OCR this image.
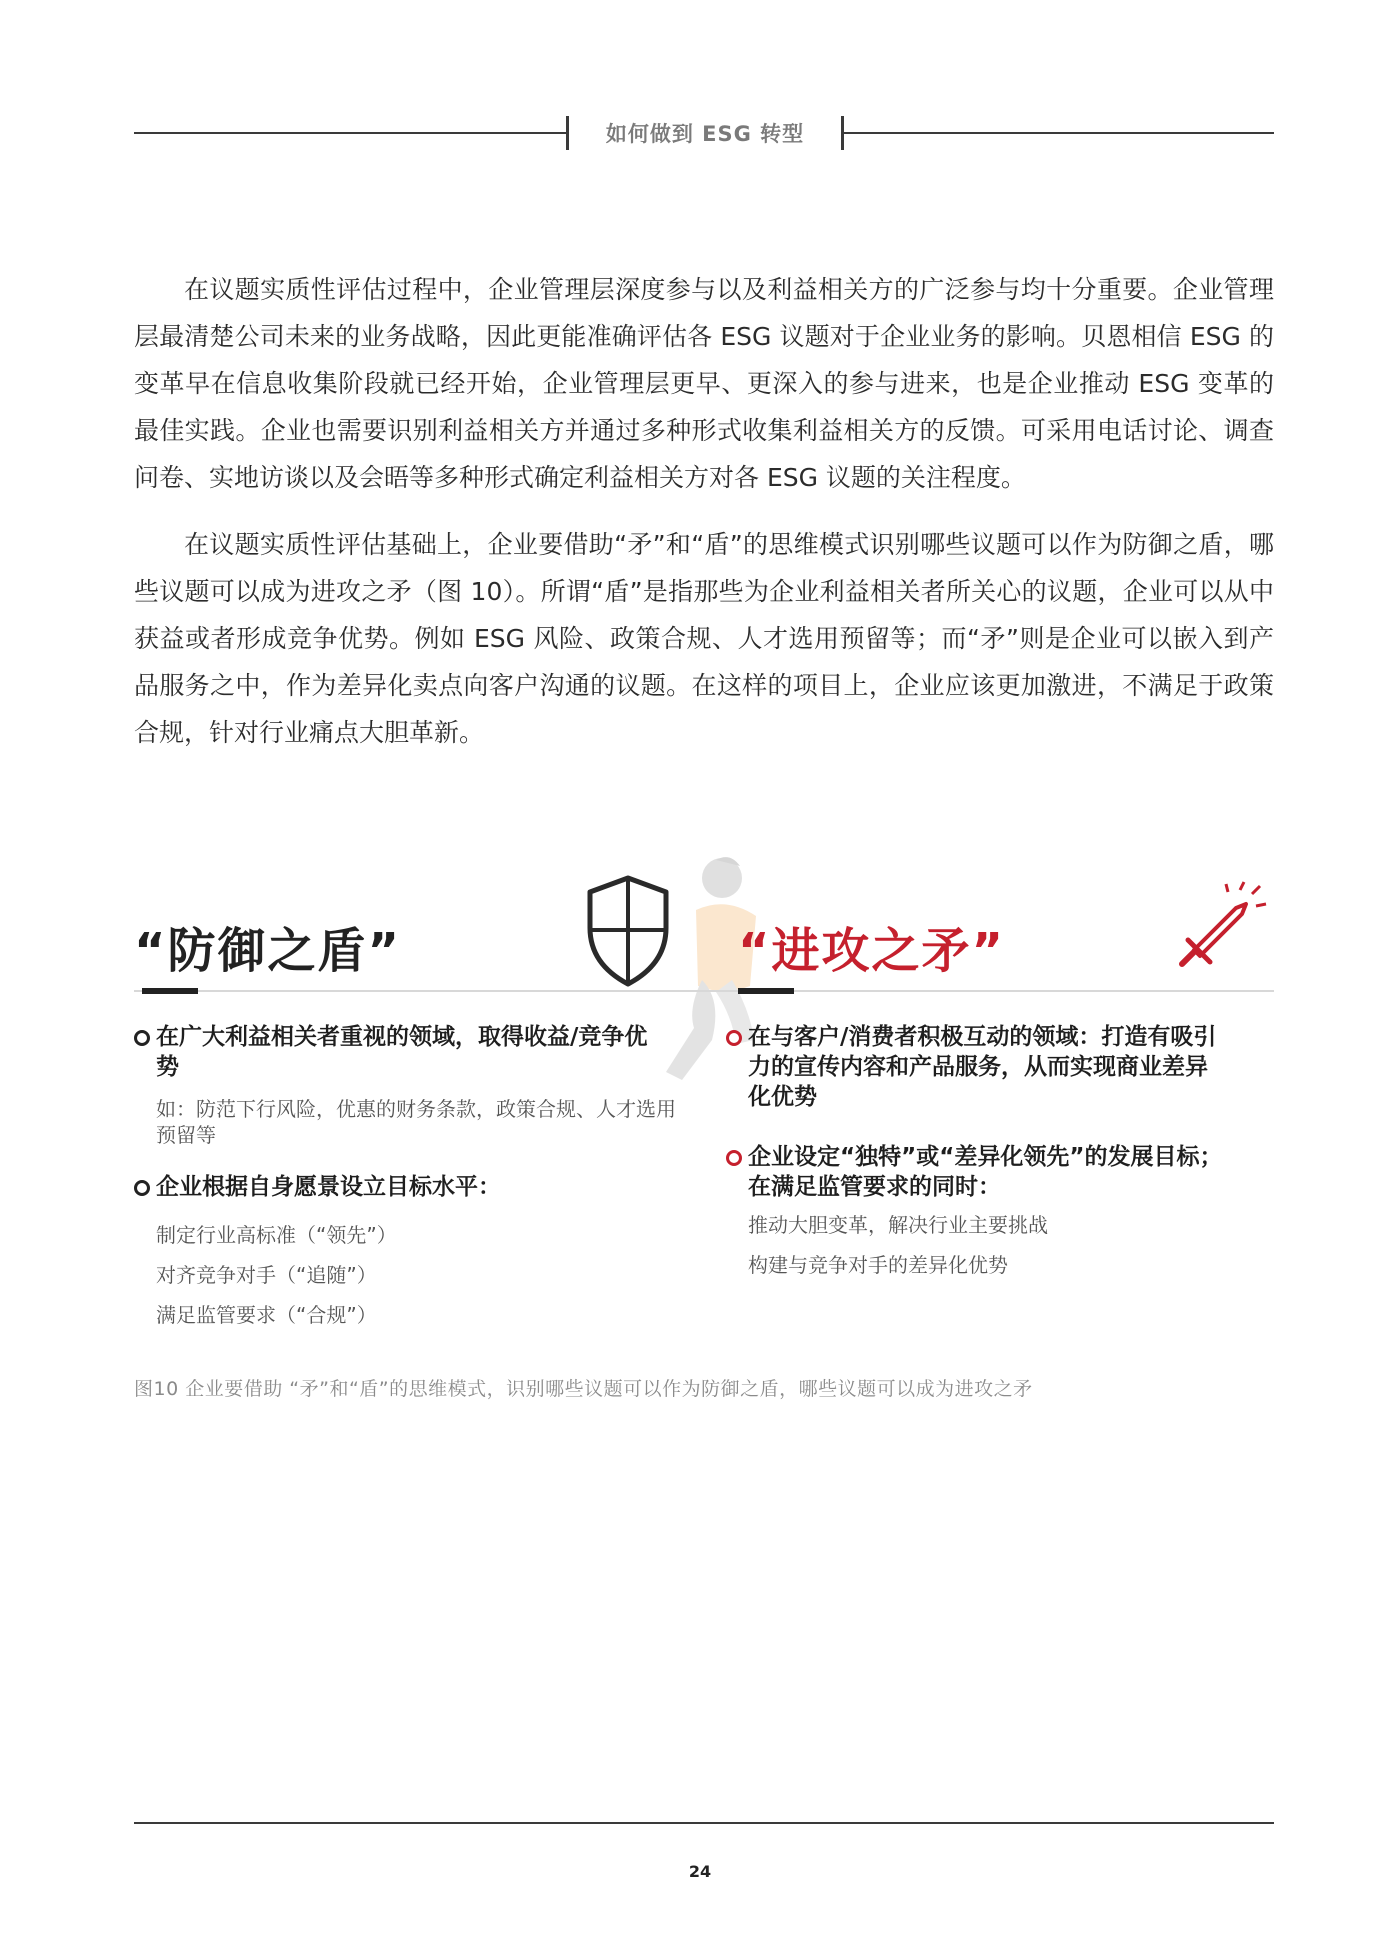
如何做到 ESG 转型

在议题实质性评估过程中，企业管理层深度参与以及利益相关方的广泛参与均十分重要。企业管理层最清楚公司未来的业务战略，因此更能准确评估各 ESG 议题对于企业业务的影响。贝恩相信 ESG 的变革早在信息收集阶段就已经开始，企业管理层更早、更深入的参与进来，也是企业推动 ESG 变革的最佳实践。企业也需要识别利益相关方并通过多种形式收集利益相关方的反馈。可采用电话讨论、调查问卷、实地访谈以及会晤等多种形式确定利益相关方对各 ESG 议题的关注程度。

在议题实质性评估基础上，企业要借助“矛”和“盾”的思维模式识别哪些议题可以作为防御之盾，哪些议题可以成为进攻之矛（图 10）。所谓“盾”是指那些为企业利益相关者所关心的议题，企业可以从中获益或者形成竞争优势。例如 ESG 风险、政策合规、人才选用预留等；而“矛”则是企业可以嵌入到产品服务之中，作为差异化卖点向客户沟通的议题。在这样的项目上，企业应该更加激进，不满足于政策合规，针对行业痛点大胆革新。

“防御之盾”	“进攻之矛”
在广大利益相关者重视的领域，取得收益/竞争优势
如：防范下行风险，优惠的财务条款，政策合规、人才选用预留等
企业根据自身愿景设立目标水平：
制定行业高标准（“领先”）
对齐竞争对手（“追随”）
满足监管要求（“合规”）
在与客户/消费者积极互动的领域：打造有吸引力的宣传内容和产品服务，从而实现商业差异化优势
企业设定“独特”或“差异化领先”的发展目标；在满足监管要求的同时：
推动大胆变革，解决行业主要挑战
构建与竞争对手的差异化优势
图10 企业要借助 “矛”和“盾”的思维模式，识别哪些议题可以作为防御之盾，哪些议题可以成为进攻之矛
24
